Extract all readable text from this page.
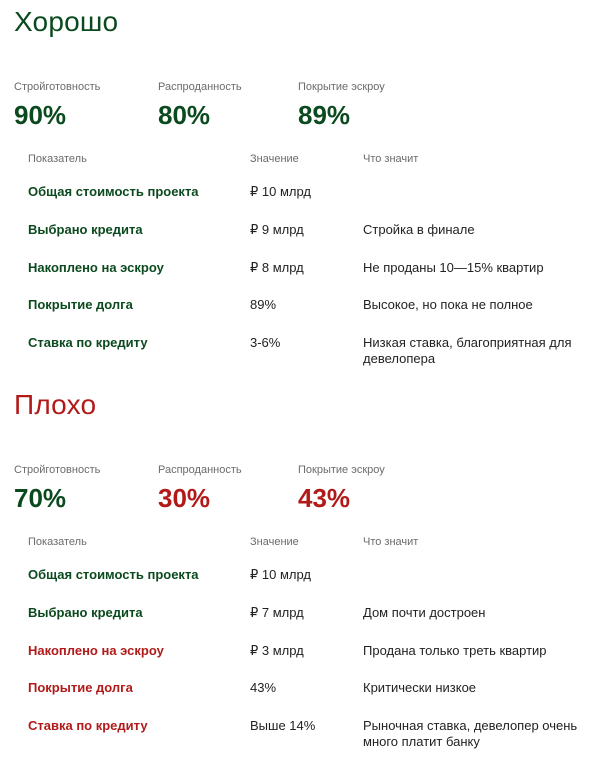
Хорошо
Стройготовность
90%
Распроданность
80%
Покрытие эскроу
89%
Показатель	Значение	Что значит
Общая стоимость проекта	₽ 10 млрд
Выбрано кредита	₽ 9 млрд	Стройка в финале
Накоплено на эскроу	₽ 8 млрд	Не проданы 10—15% квартир
Покрытие долга	89%	Высокое, но пока не полное
Ставка по кредиту	3-6%	Низкая ставка, благоприятная для девелопера
Плохо
Стройготовность
70%
Распроданность
30%
Покрытие эскроу
43%
Показатель	Значение	Что значит
Общая стоимость проекта	₽ 10 млрд
Выбрано кредита	₽ 7 млрд	Дом почти достроен
Накоплено на эскроу	₽ 3 млрд	Продана только треть квартир
Покрытие долга	43%	Критически низкое
Ставка по кредиту	Выше 14%	Рыночная ставка, девелопер очень много платит банку
